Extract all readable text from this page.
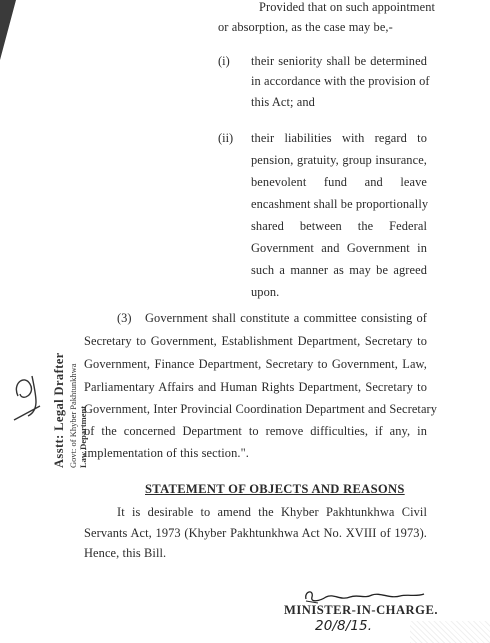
Provided that on such appointment
or absorption, as the case may be,-
(i) their seniority shall be determined
in accordance with the provision of
this Act; and
(ii) their liabilities with regard to
pension, gratuity, group insurance,
benevolent fund and leave
encashment shall be proportionally
shared between the Federal
Government and Government in
such a manner as may be agreed
upon.
(3) Government shall constitute a committee consisting of
Secretary to Government, Establishment Department, Secretary to
Government, Finance Department, Secretary to Government, Law,
Parliamentary Affairs and Human Rights Department, Secretary to
Government, Inter Provincial Coordination Department and Secretary
of the concerned Department to remove difficulties, if any, in
implementation of this section.".
Asstt: Legal Drafter Govt: of Khyber Pakhtunkhwa Law Department
STATEMENT OF OBJECTS AND REASONS
It is desirable to amend the Khyber Pakhtunkhwa Civil
Servants Act, 1973 (Khyber Pakhtunkhwa Act No. XVIII of 1973).
Hence, this Bill.
MINISTER-IN-CHARGE.
20/8/15.
